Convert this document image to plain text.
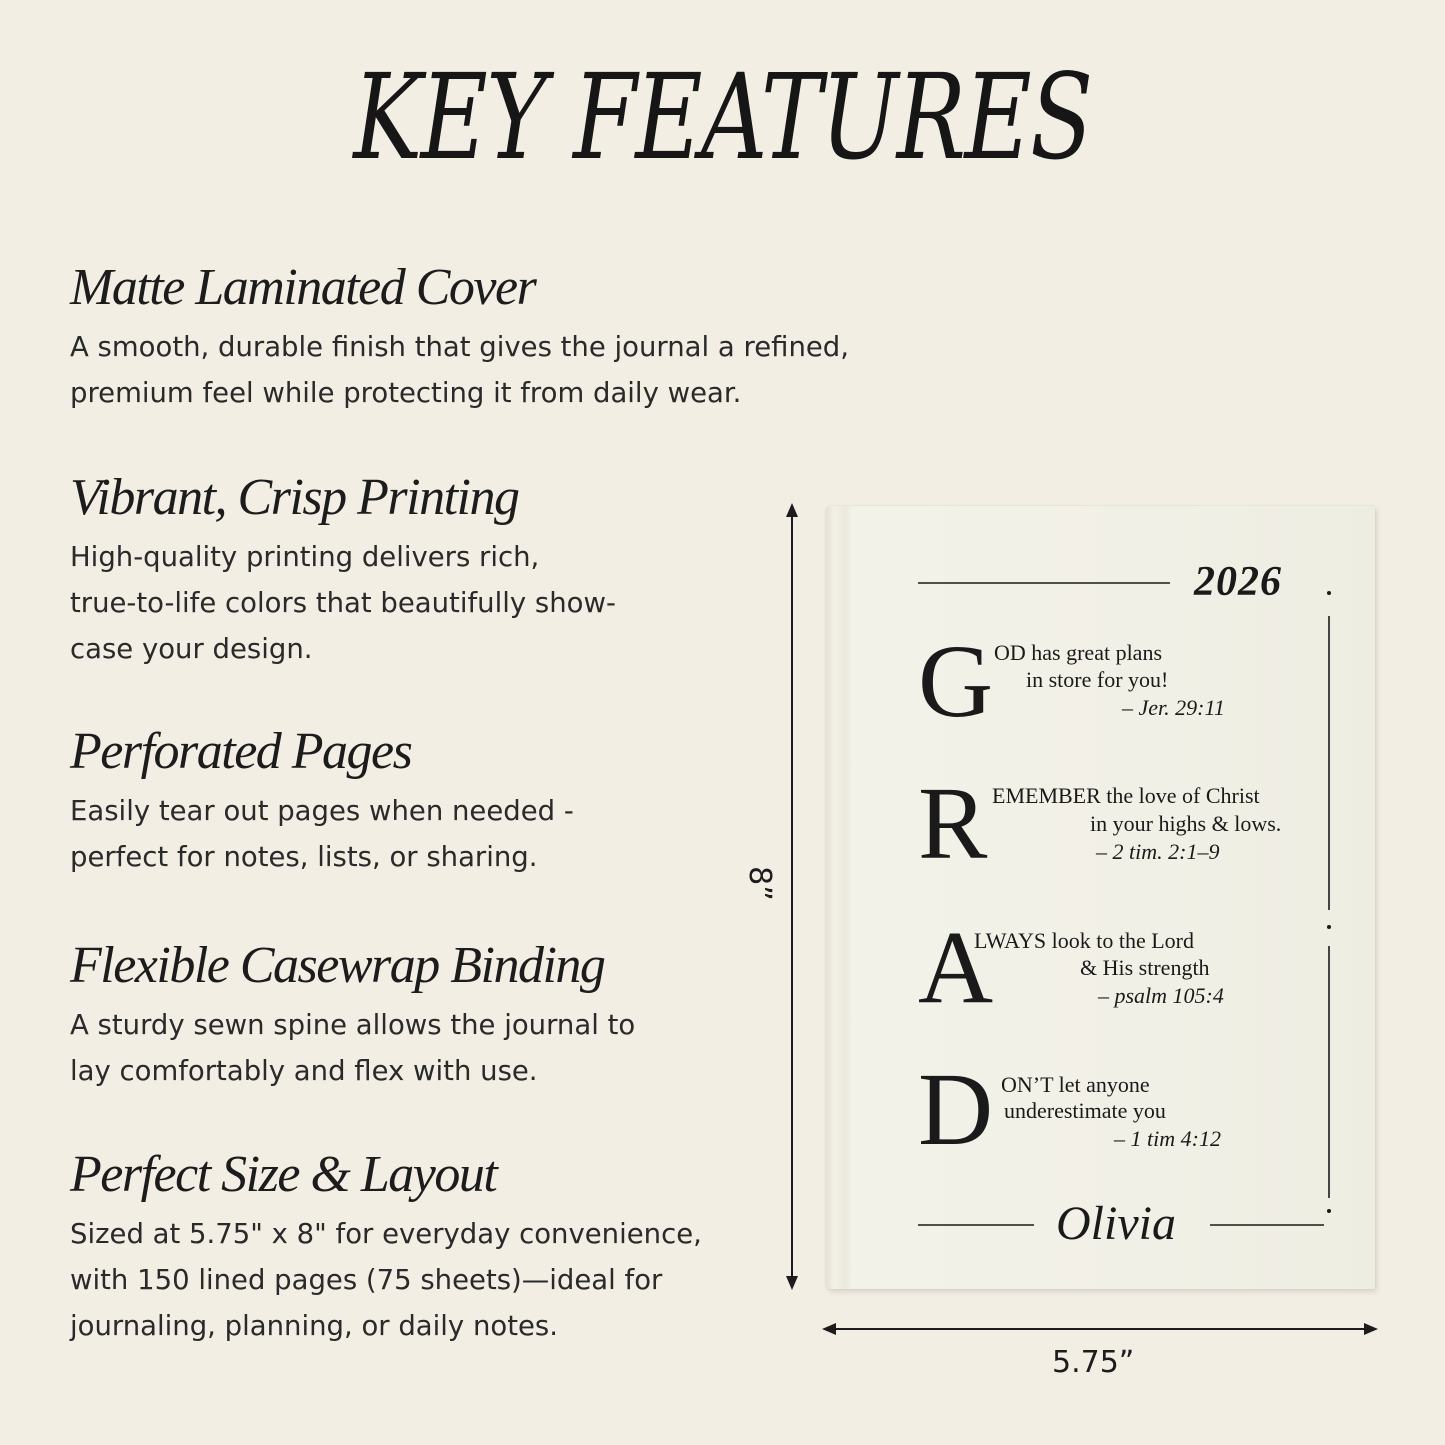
KEY FEATURES
Matte Laminated Cover

A smooth, durable finish that gives the journal a refined,
premium feel while protecting it from daily wear.

Vibrant, Crisp Printing

High-quality printing delivers rich,
true-to-life colors that beautifully show-
case your design.

Perforated Pages

Easily tear out pages when needed -
perfect for notes, lists, or sharing.

Flexible Casewrap Binding

A sturdy sewn spine allows the journal to
lay comfortably and flex with use.

Perfect Size & Layout

Sized at 5.75" x 8" for everyday convenience,
with 150 lined pages (75 sheets)—ideal for
journaling, planning, or daily notes.

8”
5.75”
2026
G OD has great plans
in store for you!
– Jer. 29:11
R EMEMBER the love of Christ
in your highs & lows.
– 2 tim. 2:1–9
A
LWAYS look to the Lord
& His strength
– psalm 105:4
D ON’T let anyone
underestimate you
– 1 tim 4:12
Olivia
